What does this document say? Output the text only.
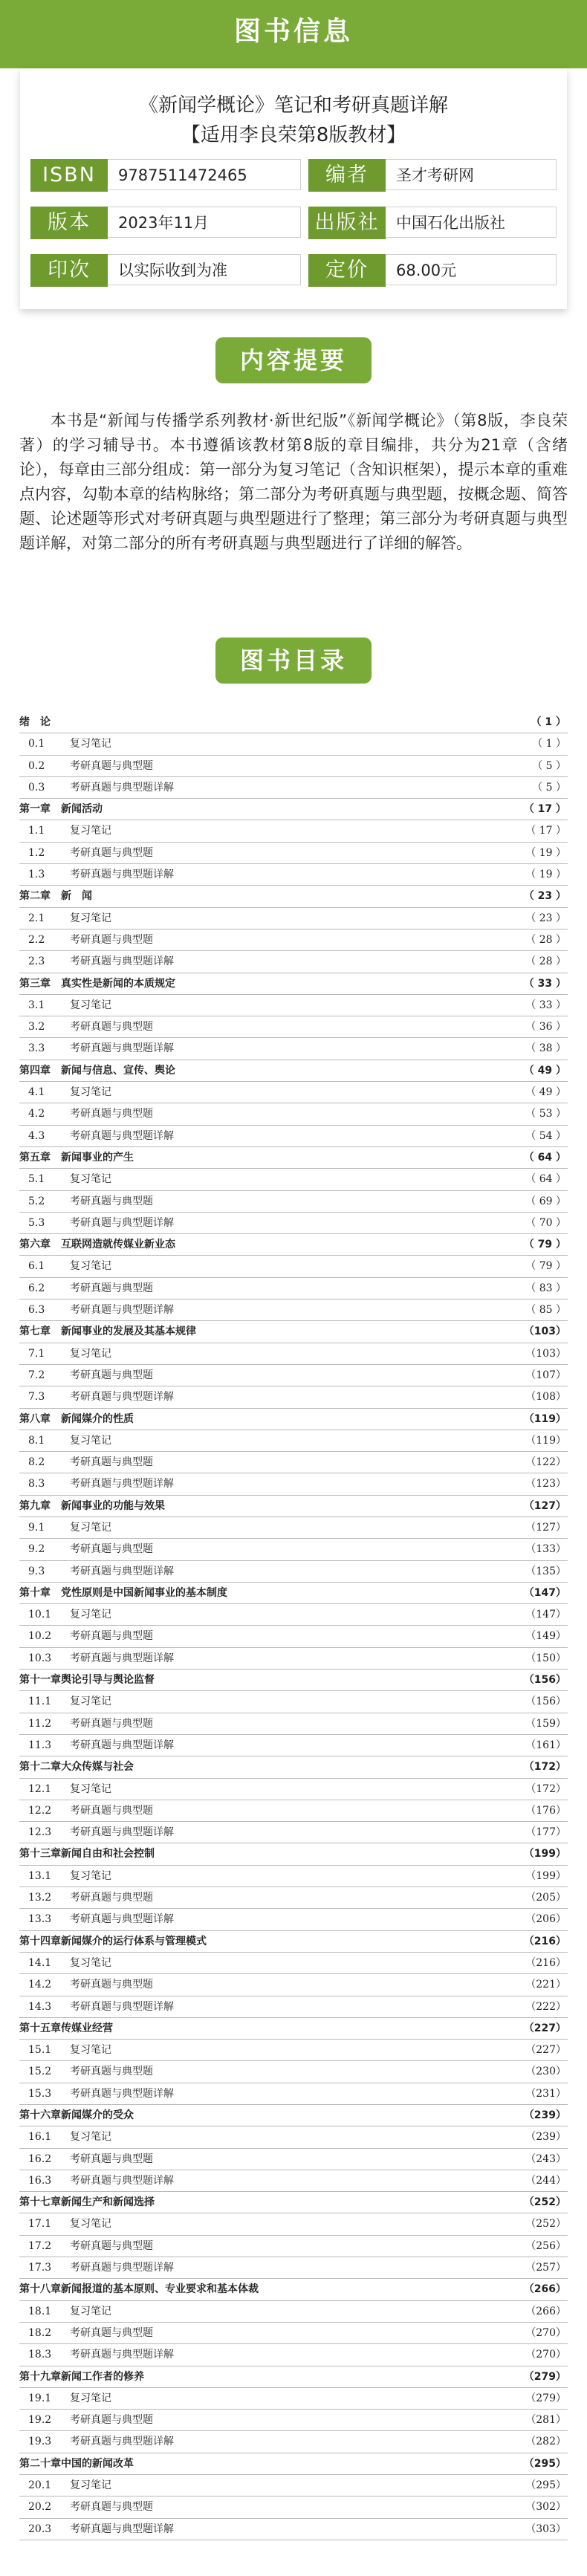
图书信息
《新闻学概论》笔记和考研真题详解
【适用李良荣第8版教材】
ISBN	9787511472465	编者	圣才考研网
版本	2023年11月	出版社	中国石化出版社
印次	以实际收到为准	定价	68.00元
内容提要
本书是“新闻与传播学系列教材·新世纪版”《新闻学概论》（第8版，李良荣著）的学习辅导书。本书遵循该教材第8版的章目编排，共分为21章（含绪论），每章由三部分组成：第一部分为复习笔记（含知识框架），提示本章的重难点内容，勾勒本章的结构脉络；第二部分为考研真题与典型题，按概念题、简答题、论述题等形式对考研真题与典型题进行了整理；第三部分为考研真题与典型题详解，对第二部分的所有考研真题与典型题进行了详细的解答。
图书目录
绪　论	（ 1 ）
0.1	复习笔记	（ 1 ）
0.2	考研真题与典型题	（ 5 ）
0.3	考研真题与典型题详解	（ 5 ）
第一章	新闻活动	（ 17 ）
1.1	复习笔记	（ 17 ）
1.2	考研真题与典型题	（ 19 ）
1.3	考研真题与典型题详解	（ 19 ）
第二章	新　闻	（ 23 ）
2.1	复习笔记	（ 23 ）
2.2	考研真题与典型题	（ 28 ）
2.3	考研真题与典型题详解	（ 28 ）
第三章	真实性是新闻的本质规定	（ 33 ）
3.1	复习笔记	（ 33 ）
3.2	考研真题与典型题	（ 36 ）
3.3	考研真题与典型题详解	（ 38 ）
第四章	新闻与信息、宣传、舆论	（ 49 ）
4.1	复习笔记	（ 49 ）
4.2	考研真题与典型题	（ 53 ）
4.3	考研真题与典型题详解	（ 54 ）
第五章	新闻事业的产生	（ 64 ）
5.1	复习笔记	（ 64 ）
5.2	考研真题与典型题	（ 69 ）
5.3	考研真题与典型题详解	（ 70 ）
第六章	互联网造就传媒业新业态	（ 79 ）
6.1	复习笔记	（ 79 ）
6.2	考研真题与典型题	（ 83 ）
6.3	考研真题与典型题详解	（ 85 ）
第七章	新闻事业的发展及其基本规律	（103）
7.1	复习笔记	（103）
7.2	考研真题与典型题	（107）
7.3	考研真题与典型题详解	（108）
第八章	新闻媒介的性质	（119）
8.1	复习笔记	（119）
8.2	考研真题与典型题	（122）
8.3	考研真题与典型题详解	（123）
第九章	新闻事业的功能与效果	（127）
9.1	复习笔记	（127）
9.2	考研真题与典型题	（133）
9.3	考研真题与典型题详解	（135）
第十章	党性原则是中国新闻事业的基本制度	（147）
10.1	复习笔记	（147）
10.2	考研真题与典型题	（149）
10.3	考研真题与典型题详解	（150）
第十一章 舆论引导与舆论监督	（156）
11.1	复习笔记	（156）
11.2	考研真题与典型题	（159）
11.3	考研真题与典型题详解	（161）
第十二章 大众传媒与社会	（172）
12.1	复习笔记	（172）
12.2	考研真题与典型题	（176）
12.3	考研真题与典型题详解	（177）
第十三章 新闻自由和社会控制	（199）
13.1	复习笔记	（199）
13.2	考研真题与典型题	（205）
13.3	考研真题与典型题详解	（206）
第十四章 新闻媒介的运行体系与管理模式	（216）
14.1	复习笔记	（216）
14.2	考研真题与典型题	（221）
14.3	考研真题与典型题详解	（222）
第十五章 传媒业经营	（227）
15.1	复习笔记	（227）
15.2	考研真题与典型题	（230）
15.3	考研真题与典型题详解	（231）
第十六章 新闻媒介的受众	（239）
16.1	复习笔记	（239）
16.2	考研真题与典型题	（243）
16.3	考研真题与典型题详解	（244）
第十七章 新闻生产和新闻选择	（252）
17.1	复习笔记	（252）
17.2	考研真题与典型题	（256）
17.3	考研真题与典型题详解	（257）
第十八章 新闻报道的基本原则、专业要求和基本体裁	（266）
18.1	复习笔记	（266）
18.2	考研真题与典型题	（270）
18.3	考研真题与典型题详解	（270）
第十九章 新闻工作者的修养	（279）
19.1	复习笔记	（279）
19.2	考研真题与典型题	（281）
19.3	考研真题与典型题详解	（282）
第二十章 中国的新闻改革	（295）
20.1	复习笔记	（295）
20.2	考研真题与典型题	（302）
20.3	考研真题与典型题详解	（303）
